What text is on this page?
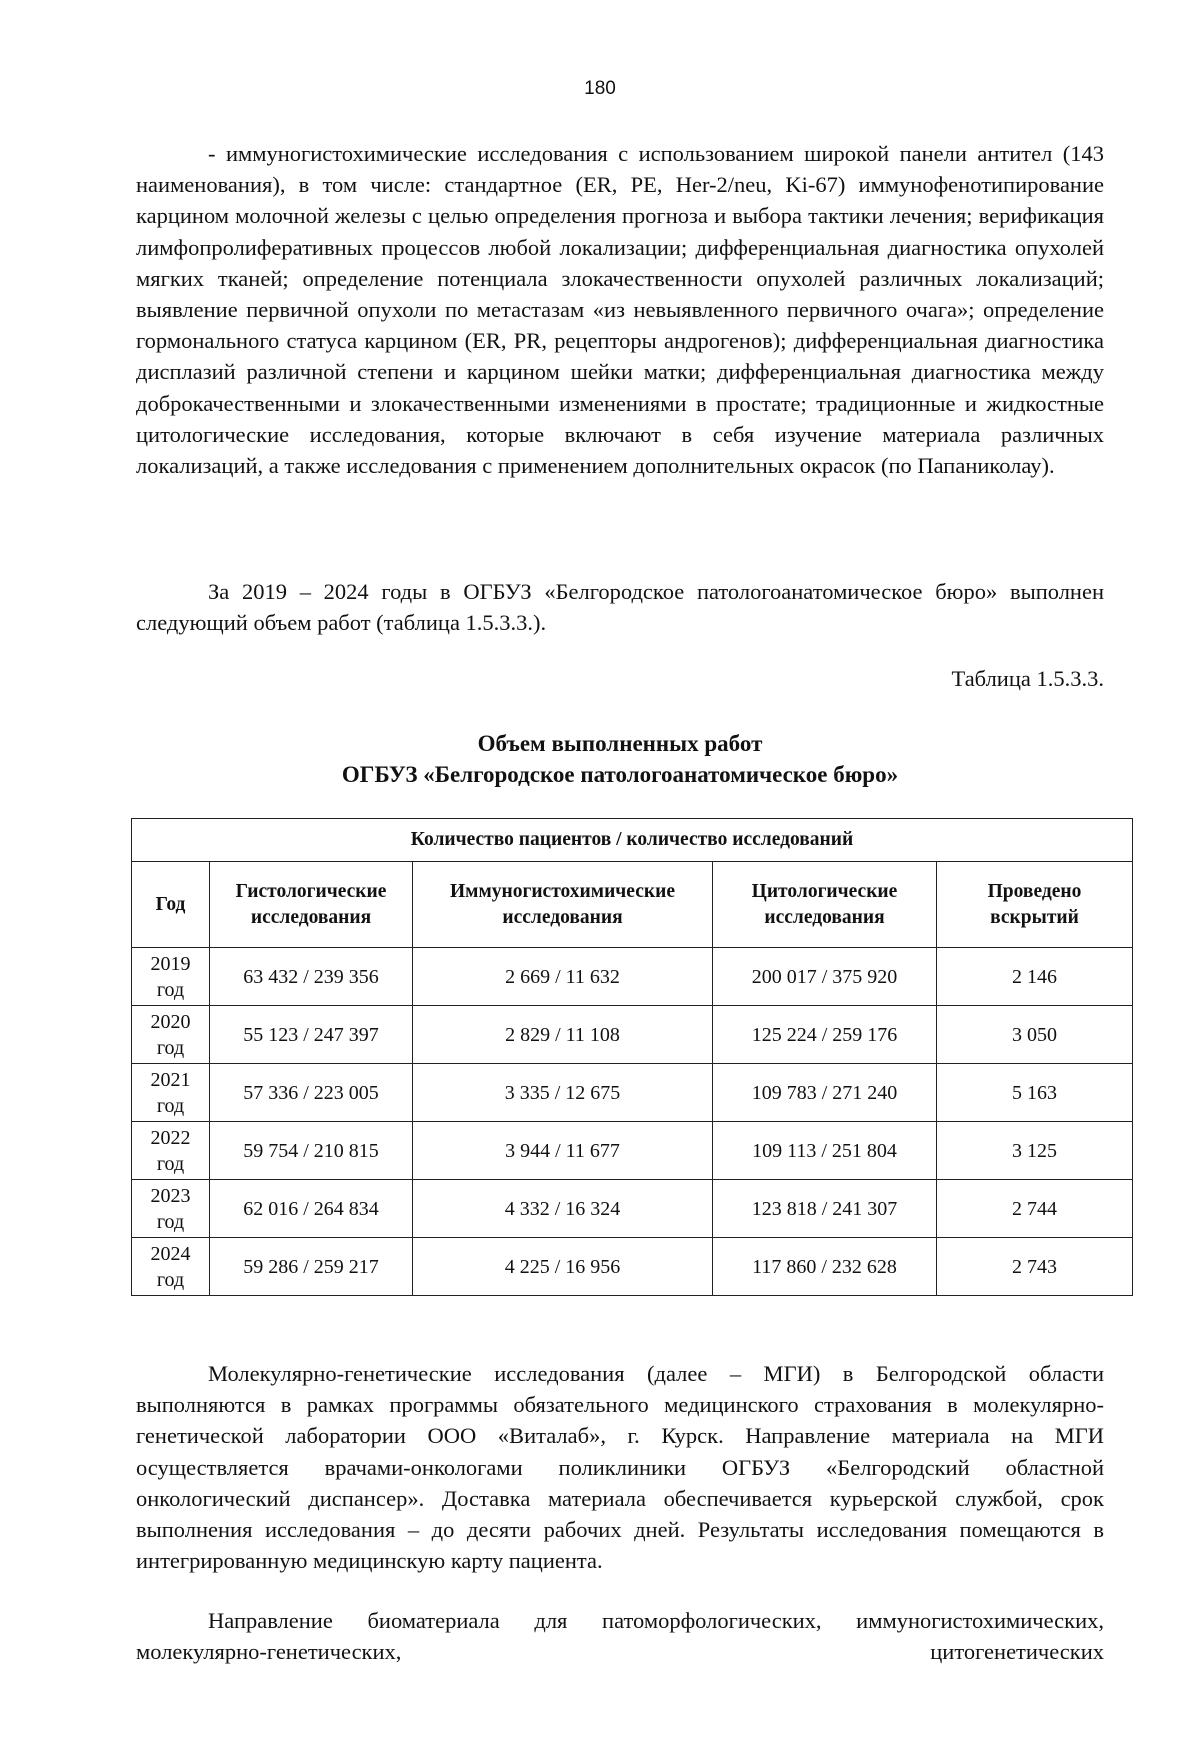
180

- иммуногистохимические исследования с использованием широкой панели антител (143 наименования), в том числе: стандартное (ER, PE, Her-2/neu, Ki-67) иммунофенотипирование карцином молочной железы с целью определения прогноза и выбора тактики лечения; верификация лимфопролиферативных процессов любой локализации; дифференциальная диагностика опухолей мягких тканей; определение потенциала злокачественности опухолей различных локализаций; выявление первичной опухоли по метастазам «из невыявленного первичного очага»; определение гормонального статуса карцином (ER, PR, рецепторы андрогенов); дифференциальная диагностика дисплазий различной степени и карцином шейки матки; дифференциальная диагностика между доброкачественными и злокачественными изменениями в простате; традиционные и жидкостные цитологические исследования, которые включают в себя изучение материала различных локализаций, а также исследования с применением дополнительных окрасок (по Папаниколау).

За 2019 – 2024 годы в ОГБУЗ «Белгородское патологоанатомическое бюро» выполнен следующий объем работ (таблица 1.5.3.3.).

Таблица 1.5.3.3.
Объем выполненных работ
ОГБУЗ «Белгородское патологоанатомическое бюро»
Количество пациентов / количество исследований				
Год	Гистологические исследования	Иммуногистохимические исследования	Цитологические исследования	Проведено вскрытий
2019
год	63 432 / 239 356	2 669 / 11 632	200 017 / 375 920	2 146
2020
год	55 123 / 247 397	2 829 / 11 108	125 224 / 259 176	3 050
2021
год	57 336 / 223 005	3 335 / 12 675	109 783 / 271 240	5 163
2022
год	59 754 / 210 815	3 944 / 11 677	109 113 / 251 804	3 125
2023
год	62 016 / 264 834	4 332 / 16 324	123 818 / 241 307	2 744
2024
год	59 286 / 259 217	4 225 / 16 956	117 860 / 232 628	2 743

Молекулярно-генетические исследования (далее – МГИ) в Белгородской области выполняются в рамках программы обязательного медицинского страхования в молекулярно-генетической лаборатории ООО «Виталаб», г. Курск. Направление материала на МГИ осуществляется врачами-онкологами поликлиники ОГБУЗ «Белгородский областной онкологический диспансер». Доставка материала обеспечивается курьерской службой, срок выполнения исследования – до десяти рабочих дней. Результаты исследования помещаются в интегрированную медицинскую карту пациента.

Направление биоматериала для патоморфологических, иммуногистохимических, молекулярно-генетических, цитогенетических
